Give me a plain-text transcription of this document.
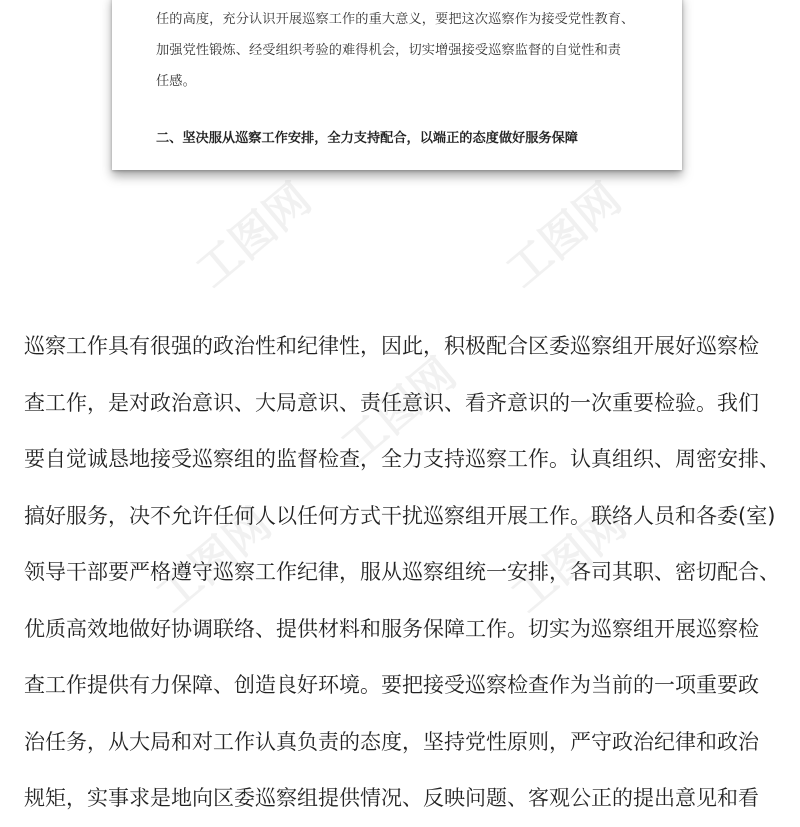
任的高度，充分认识开展巡察工作的重大意义，要把这次巡察作为接受党性教育、

加强党性锻炼、经受组织考验的难得机会，切实增强接受巡察监督的自觉性和责

任感。

二、坚决服从巡察工作安排，全力支持配合，以端正的态度做好服务保障
工图网
工图网	工图网

巡察工作具有很强的政治性和纪律性，因此，积极配合区委巡察组开展好巡察检

查工作，是对政治意识、大局意识、责任意识、看齐意识的一次重要检验。我们

要自觉诚恳地接受巡察组的监督检查，全力支持巡察工作。认真组织、周密安排、

搞好服务，决不允许任何人以任何方式干扰巡察组开展工作。联络人员和各委(室)

领导干部要严格遵守巡察工作纪律，服从巡察组统一安排，各司其职、密切配合、

优质高效地做好协调联络、提供材料和服务保障工作。切实为巡察组开展巡察检

查工作提供有力保障、创造良好环境。要把接受巡察检查作为当前的一项重要政

治任务，从大局和对工作认真负责的态度，坚持党性原则，严守政治纪律和政治

规矩，实事求是地向区委巡察组提供情况、反映问题、客观公正的提出意见和看
